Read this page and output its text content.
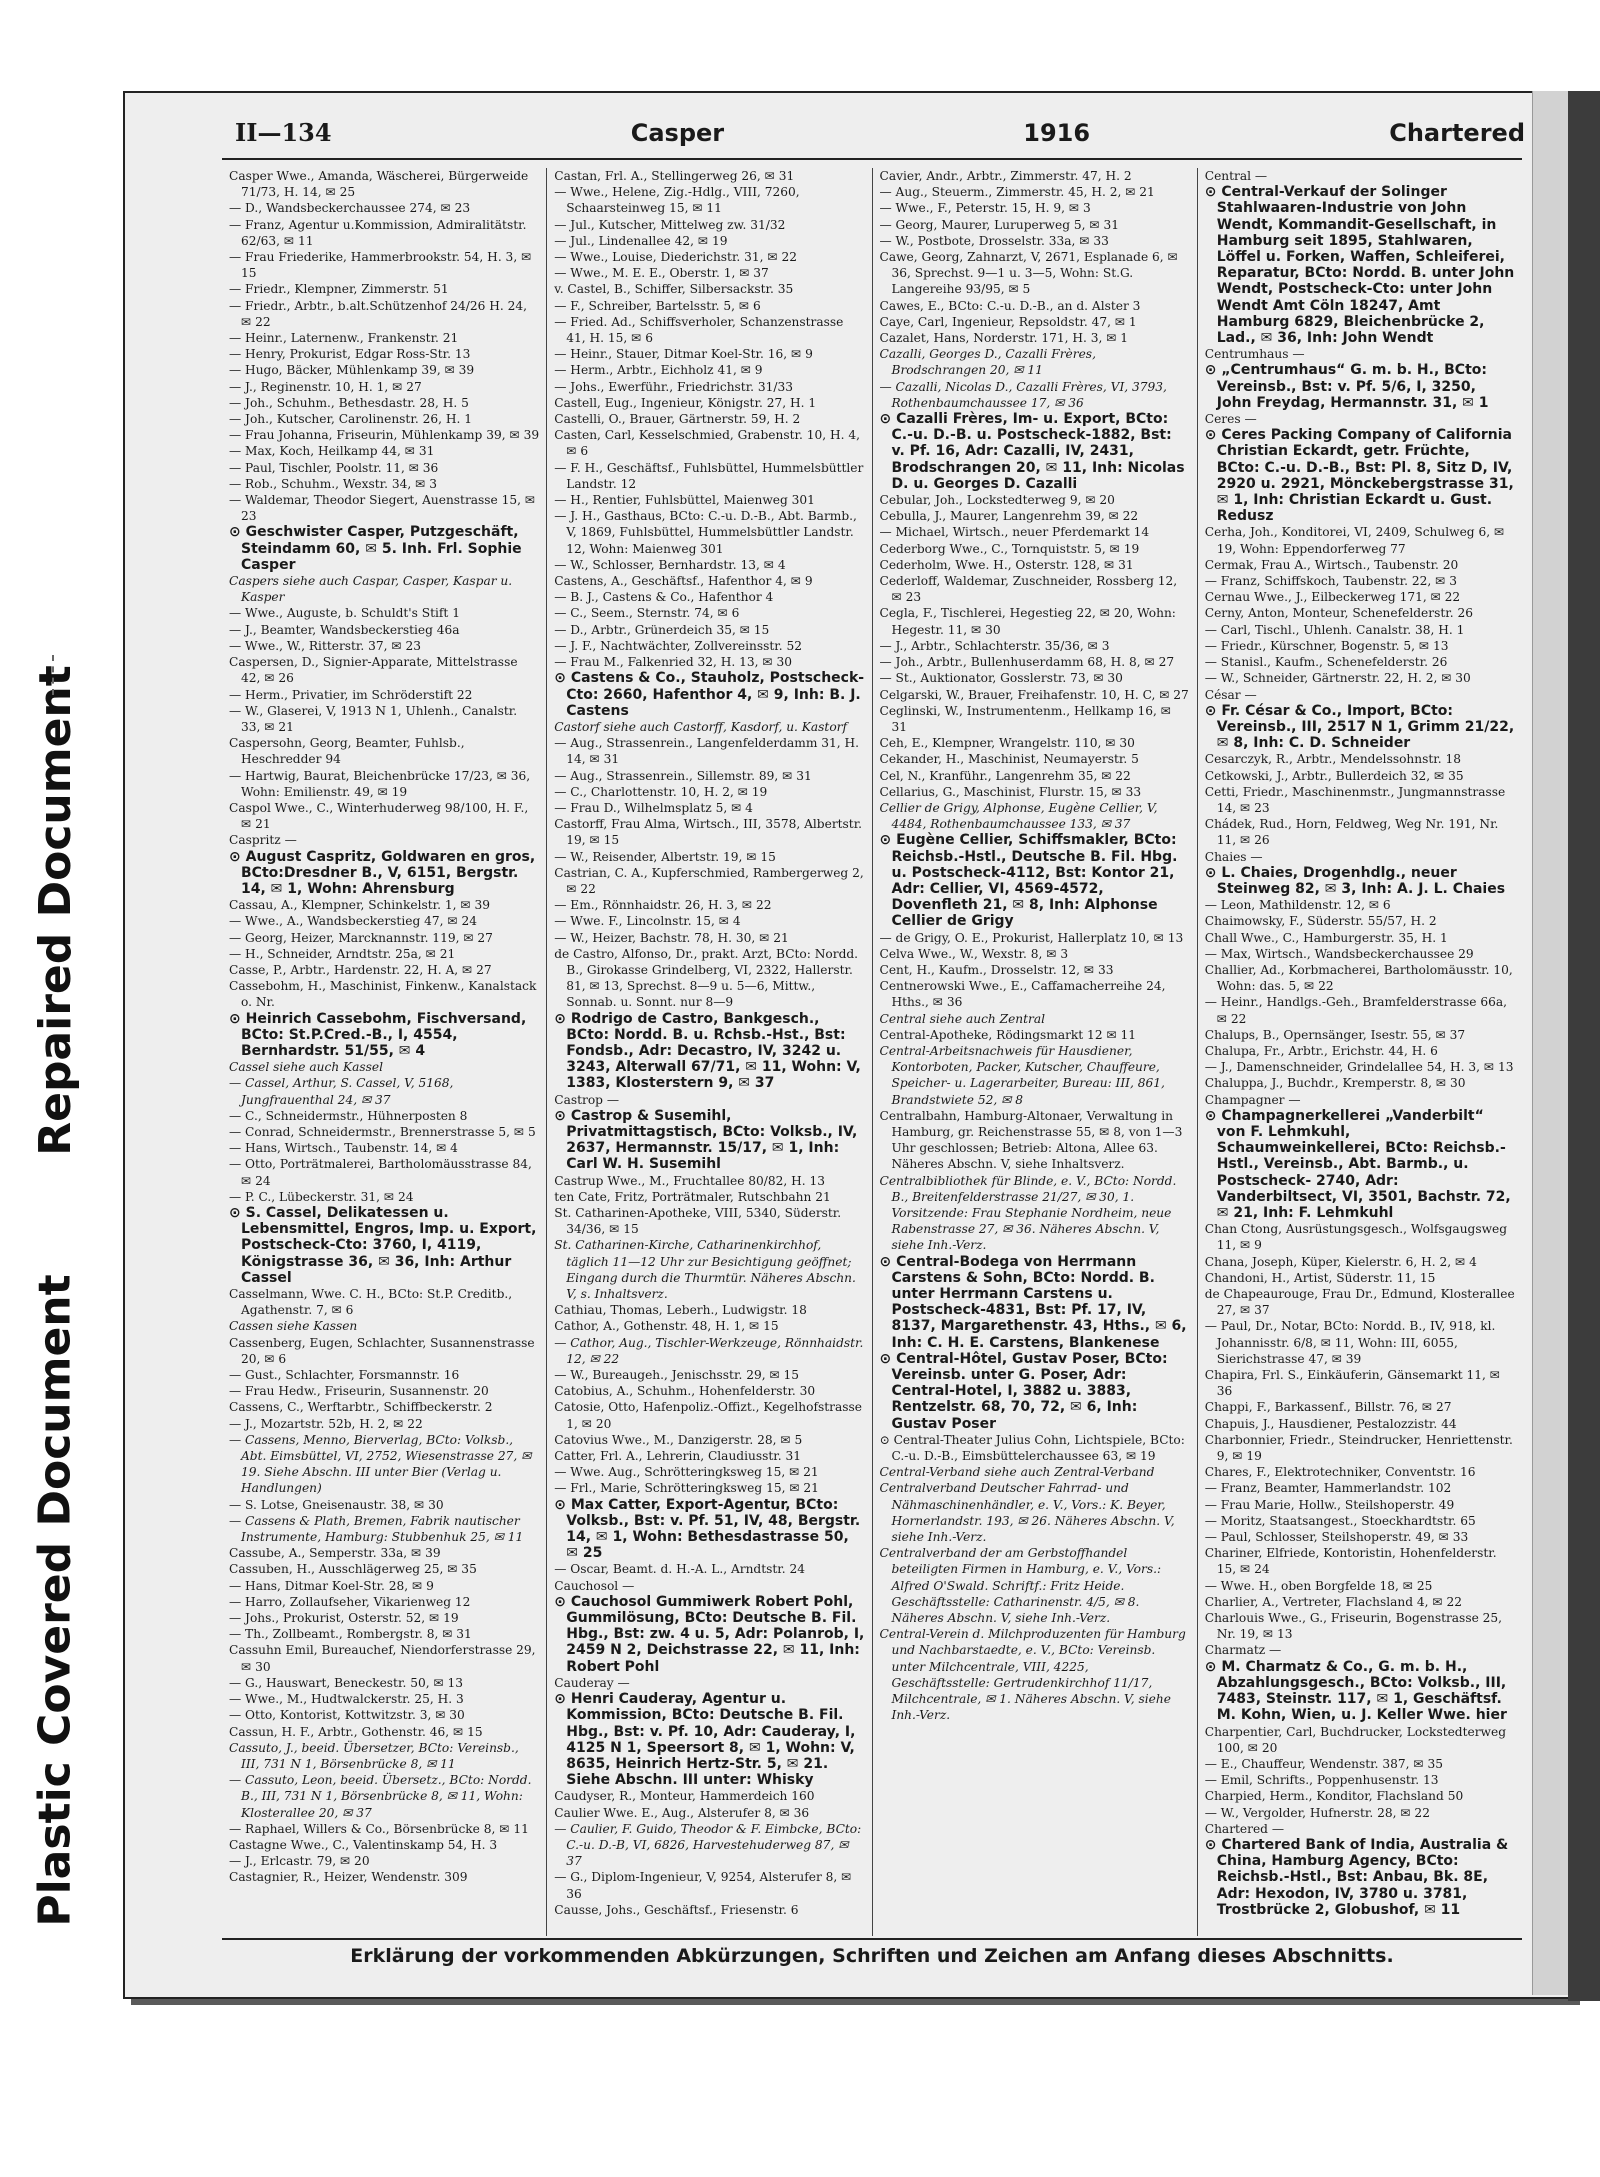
Repaired Document
Plastic Covered Document
II—134	Casper	1916	Chartered

Casper Wwe., Amanda, Wäscherei, Bürgerweide 71/73, H. 14, ✉ 25

— D., Wandsbeckerchaussee 274, ✉ 23

— Franz, Agentur u.Kommission, Admiralitätstr. 62/63, ✉ 11

— Frau Friederike, Hammerbrookstr. 54, H. 3, ✉ 15

— Friedr., Klempner, Zimmerstr. 51

— Friedr., Arbtr., b.alt.Schützenhof 24/26 H. 24, ✉ 22

— Heinr., Laternenw., Frankenstr. 21

— Henry, Prokurist, Edgar Ross-Str. 13

— Hugo, Bäcker, Mühlenkamp 39, ✉ 39

— J., Reginenstr. 10, H. 1, ✉ 27

— Joh., Schuhm., Bethesdastr. 28, H. 5

— Joh., Kutscher, Carolinenstr. 26, H. 1

— Frau Johanna, Friseurin, Mühlenkamp 39, ✉ 39

— Max, Koch, Heilkamp 44, ✉ 31

— Paul, Tischler, Poolstr. 11, ✉ 36

— Rob., Schuhm., Wexstr. 34, ✉ 3

— Waldemar, Theodor Siegert, Auenstrasse 15, ✉ 23

⊙ Geschwister Casper, Putzgeschäft, Steindamm 60, ✉ 5. Inh. Frl. Sophie Casper

Caspers siehe auch Caspar, Casper, Kaspar u. Kasper

— Wwe., Auguste, b. Schuldt's Stift 1

— J., Beamter, Wandsbeckerstieg 46a

— Wwe., W., Ritterstr. 37, ✉ 23

Caspersen, D., Signier-Apparate, Mittelstrasse 42, ✉ 26

— Herm., Privatier, im Schröderstift 22

— W., Glaserei, V, 1913 N 1, Uhlenh., Canalstr. 33, ✉ 21

Caspersohn, Georg, Beamter, Fuhlsb., Heschredder 94

— Hartwig, Baurat, Bleichenbrücke 17/23, ✉ 36, Wohn: Emilienstr. 49, ✉ 19

Caspol Wwe., C., Winterhuderweg 98/100, H. F., ✉ 21

Caspritz —

⊙ August Caspritz, Goldwaren en gros, BCto:Dresdner B., V, 6151, Bergstr. 14, ✉ 1, Wohn: Ahrensburg

Cassau, A., Klempner, Schinkelstr. 1, ✉ 39

— Wwe., A., Wandsbeckerstieg 47, ✉ 24

— Georg, Heizer, Marcknannstr. 119, ✉ 27

— H., Schneider, Arndtstr. 25a, ✉ 21

Casse, P., Arbtr., Hardenstr. 22, H. A, ✉ 27

Cassebohm, H., Maschinist, Finkenw., Kanalstack o. Nr.

⊙ Heinrich Cassebohm, Fischversand, BCto: St.P.Cred.-B., I, 4554, Bernhardstr. 51/55, ✉ 4

Cassel siehe auch Kassel

— Cassel, Arthur, S. Cassel, V, 5168, Jungfrauenthal 24, ✉ 37

— C., Schneidermstr., Hühnerposten 8

— Conrad, Schneidermstr., Brennerstrasse 5, ✉ 5

— Hans, Wirtsch., Taubenstr. 14, ✉ 4

— Otto, Porträtmalerei, Bartholomäusstrasse 84, ✉ 24

— P. C., Lübeckerstr. 31, ✉ 24

⊙ S. Cassel, Delikatessen u. Lebensmittel, Engros, Imp. u. Export, Postscheck-Cto: 3760, I, 4119, Königstrasse 36, ✉ 36, Inh: Arthur Cassel

Casselmann, Wwe. C. H., BCto: St.P. Creditb., Agathenstr. 7, ✉ 6

Cassen siehe Kassen

Cassenberg, Eugen, Schlachter, Susannenstrasse 20, ✉ 6

— Gust., Schlachter, Forsmannstr. 16

— Frau Hedw., Friseurin, Susannenstr. 20

Cassens, C., Werftarbtr., Schiffbeckerstr. 2

— J., Mozartstr. 52b, H. 2, ✉ 22

— Cassens, Menno, Bierverlag, BCto: Volksb., Abt. Eimsbüttel, VI, 2752, Wiesenstrasse 27, ✉ 19. Siehe Abschn. III unter Bier (Verlag u. Handlungen)

— S. Lotse, Gneisenaustr. 38, ✉ 30

— Cassens & Plath, Bremen, Fabrik nautischer Instrumente, Hamburg: Stubbenhuk 25, ✉ 11

Cassube, A., Semperstr. 33a, ✉ 39

Cassuben, H., Ausschlägerweg 25, ✉ 35

— Hans, Ditmar Koel-Str. 28, ✉ 9

— Harro, Zollaufseher, Vikarienweg 12

— Johs., Prokurist, Osterstr. 52, ✉ 19

— Th., Zollbeamt., Rombergstr. 8, ✉ 31

Cassuhn Emil, Bureauchef, Niendorferstrasse 29, ✉ 30

— G., Hauswart, Beneckestr. 50, ✉ 13

— Wwe., M., Hudtwalckerstr. 25, H. 3

— Otto, Kontorist, Kottwitzstr. 3, ✉ 30

Cassun, H. F., Arbtr., Gothenstr. 46, ✉ 15

Cassuto, J., beeid. Übersetzer, BCto: Vereinsb., III, 731 N 1, Börsenbrücke 8, ✉ 11

— Cassuto, Leon, beeid. Übersetz., BCto: Nordd. B., III, 731 N 1, Börsenbrücke 8, ✉ 11, Wohn: Klosterallee 20, ✉ 37

— Raphael, Willers & Co., Börsenbrücke 8, ✉ 11

Castagne Wwe., C., Valentinskamp 54, H. 3

— J., Erlcastr. 79, ✉ 20

Castagnier, R., Heizer, Wendenstr. 309

Castan, Frl. A., Stellingerweg 26, ✉ 31

— Wwe., Helene, Zig.-Hdlg., VIII, 7260, Schaarsteinweg 15, ✉ 11

— Jul., Kutscher, Mittelweg zw. 31/32

— Jul., Lindenallee 42, ✉ 19

— Wwe., Louise, Diederichstr. 31, ✉ 22

— Wwe., M. E. E., Oberstr. 1, ✉ 37

v. Castel, B., Schiffer, Silbersackstr. 35

— F., Schreiber, Bartelsstr. 5, ✉ 6

— Fried. Ad., Schiffsverholer, Schanzenstrasse 41, H. 15, ✉ 6

— Heinr., Stauer, Ditmar Koel-Str. 16, ✉ 9

— Herm., Arbtr., Eichholz 41, ✉ 9

— Johs., Ewerführ., Friedrichstr. 31/33

Castell, Eug., Ingenieur, Königstr. 27, H. 1

Castelli, O., Brauer, Gärtnerstr. 59, H. 2

Casten, Carl, Kesselschmied, Grabenstr. 10, H. 4, ✉ 6

— F. H., Geschäftsf., Fuhlsbüttel, Hummelsbüttler Landstr. 12

— H., Rentier, Fuhlsbüttel, Maienweg 301

— J. H., Gasthaus, BCto: C.-u. D.-B., Abt. Barmb., V, 1869, Fuhlsbüttel, Hummelsbüttler Landstr. 12, Wohn: Maienweg 301

— W., Schlosser, Bernhardstr. 13, ✉ 4

Castens, A., Geschäftsf., Hafenthor 4, ✉ 9

— B. J., Castens & Co., Hafenthor 4

— C., Seem., Sternstr. 74, ✉ 6

— D., Arbtr., Grünerdeich 35, ✉ 15

— J. F., Nachtwächter, Zollvereinsstr. 52

— Frau M., Falkenried 32, H. 13, ✉ 30

⊙ Castens & Co., Stauholz, Postscheck-Cto: 2660, Hafenthor 4, ✉ 9, Inh: B. J. Castens

Castorf siehe auch Castorff, Kasdorf, u. Kastorf

— Aug., Strassenrein., Langenfelderdamm 31, H. 14, ✉ 31

— Aug., Strassenrein., Sillemstr. 89, ✉ 31

— C., Charlottenstr. 10, H. 2, ✉ 19

— Frau D., Wilhelmsplatz 5, ✉ 4

Castorff, Frau Alma, Wirtsch., III, 3578, Albertstr. 19, ✉ 15

— W., Reisender, Albertstr. 19, ✉ 15

Castrian, C. A., Kupferschmied, Rambergerweg 2, ✉ 22

— Em., Rönnhaidstr. 26, H. 3, ✉ 22

— Wwe. F., Lincolnstr. 15, ✉ 4

— W., Heizer, Bachstr. 78, H. 30, ✉ 21

de Castro, Alfonso, Dr., prakt. Arzt, BCto: Nordd. B., Girokasse Grindelberg, VI, 2322, Hallerstr. 81, ✉ 13, Sprechst. 8—9 u. 5—6, Mittw., Sonnab. u. Sonnt. nur 8—9

⊙ Rodrigo de Castro, Bankgesch., BCto: Nordd. B. u. Rchsb.-Hst., Bst: Fondsb., Adr: Decastro, IV, 3242 u. 3243, Alterwall 67/71, ✉ 11, Wohn: V, 1383, Klosterstern 9, ✉ 37

Castrop —

⊙ Castrop & Susemihl, Privatmittagstisch, BCto: Volksb., IV, 2637, Hermannstr. 15/17, ✉ 1, Inh: Carl W. H. Susemihl

Castrup Wwe., M., Fruchtallee 80/82, H. 13

ten Cate, Fritz, Porträtmaler, Rutschbahn 21

St. Catharinen-Apotheke, VIII, 5340, Süderstr. 34/36, ✉ 15

St. Catharinen-Kirche, Catharinenkirchhof, täglich 11—12 Uhr zur Besichtigung geöffnet; Eingang durch die Thurmtür. Näheres Abschn. V, s. Inhaltsverz.

Cathiau, Thomas, Leberh., Ludwigstr. 18

Cathor, A., Gothenstr. 48, H. 1, ✉ 15

— Cathor, Aug., Tischler-Werkzeuge, Rönnhaidstr. 12, ✉ 22

— W., Bureaugeh., Jenischsstr. 29, ✉ 15

Catobius, A., Schuhm., Hohenfelderstr. 30

Catosie, Otto, Hafenpoliz.-Offizt., Kegelhofstrasse 1, ✉ 20

Catovius Wwe., M., Danzigerstr. 28, ✉ 5

Catter, Frl. A., Lehrerin, Claudiusstr. 31

— Wwe. Aug., Schrötteringksweg 15, ✉ 21

— Frl., Marie, Schrötteringksweg 15, ✉ 21

⊙ Max Catter, Export-Agentur, BCto: Volksb., Bst: v. Pf. 51, IV, 48, Bergstr. 14, ✉ 1, Wohn: Bethesdastrasse 50, ✉ 25

— Oscar, Beamt. d. H.-A. L., Arndtstr. 24

Cauchosol —

⊙ Cauchosol Gummiwerk Robert Pohl, Gummilösung, BCto: Deutsche B. Fil. Hbg., Bst: zw. 4 u. 5, Adr: Polanrob, I, 2459 N 2, Deichstrasse 22, ✉ 11, Inh: Robert Pohl

Cauderay —

⊙ Henri Cauderay, Agentur u. Kommission, BCto: Deutsche B. Fil. Hbg., Bst: v. Pf. 10, Adr: Cauderay, I, 4125 N 1, Speersort 8, ✉ 1, Wohn: V, 8635, Heinrich Hertz-Str. 5, ✉ 21. Siehe Abschn. III unter: Whisky

Caudyser, R., Monteur, Hammerdeich 160

Caulier Wwe. E., Aug., Alsterufer 8, ✉ 36

— Caulier, F. Guido, Theodor & F. Eimbcke, BCto: C.-u. D.-B, VI, 6826, Harvestehuderweg 87, ✉ 37

— G., Diplom-Ingenieur, V, 9254, Alsterufer 8, ✉ 36

Causse, Johs., Geschäftsf., Friesenstr. 6

Cavier, Andr., Arbtr., Zimmerstr. 47, H. 2

— Aug., Steuerm., Zimmerstr. 45, H. 2, ✉ 21

— Wwe., F., Peterstr. 15, H. 9, ✉ 3

— Georg, Maurer, Luruperweg 5, ✉ 31

— W., Postbote, Drosselstr. 33a, ✉ 33

Cawe, Georg, Zahnarzt, V, 2671, Esplanade 6, ✉ 36, Sprechst. 9—1 u. 3—5, Wohn: St.G. Langereihe 93/95, ✉ 5

Cawes, E., BCto: C.-u. D.-B., an d. Alster 3

Caye, Carl, Ingenieur, Repsoldstr. 47, ✉ 1

Cazalet, Hans, Norderstr. 171, H. 3, ✉ 1

Cazalli, Georges D., Cazalli Frères, Brodschrangen 20, ✉ 11

— Cazalli, Nicolas D., Cazalli Frères, VI, 3793, Rothenbaumchaussee 17, ✉ 36

⊙ Cazalli Frères, Im- u. Export, BCto: C.-u. D.-B. u. Postscheck-1882, Bst: v. Pf. 16, Adr: Cazalli, IV, 2431, Brodschrangen 20, ✉ 11, Inh: Nicolas D. u. Georges D. Cazalli

Cebular, Joh., Lockstedterweg 9, ✉ 20

Cebulla, J., Maurer, Langenrehm 39, ✉ 22

— Michael, Wirtsch., neuer Pferdemarkt 14

Cederborg Wwe., C., Tornquiststr. 5, ✉ 19

Cederholm, Wwe. H., Osterstr. 128, ✉ 31

Cederloff, Waldemar, Zuschneider, Rossberg 12, ✉ 23

Cegla, F., Tischlerei, Hegestieg 22, ✉ 20, Wohn: Hegestr. 11, ✉ 30

— J., Arbtr., Schlachterstr. 35/36, ✉ 3

— Joh., Arbtr., Bullenhuserdamm 68, H. 8, ✉ 27

— St., Auktionator, Gosslerstr. 73, ✉ 30

Celgarski, W., Brauer, Freihafenstr. 10, H. C, ✉ 27

Ceglinski, W., Instrumentenm., Hellkamp 16, ✉ 31

Ceh, E., Klempner, Wrangelstr. 110, ✉ 30

Cekander, H., Maschinist, Neumayerstr. 5

Cel, N., Kranführ., Langenrehm 35, ✉ 22

Cellarius, G., Maschinist, Flurstr. 15, ✉ 33

Cellier de Grigy, Alphonse, Eugène Cellier, V, 4484, Rothenbaumchaussee 133, ✉ 37

⊙ Eugène Cellier, Schiffsmakler, BCto: Reichsb.-Hstl., Deutsche B. Fil. Hbg. u. Postscheck-4112, Bst: Kontor 21, Adr: Cellier, VI, 4569-4572, Dovenfleth 21, ✉ 8, Inh: Alphonse Cellier de Grigy

— de Grigy, O. E., Prokurist, Hallerplatz 10, ✉ 13

Celva Wwe., W., Wexstr. 8, ✉ 3

Cent, H., Kaufm., Drosselstr. 12, ✉ 33

Centnerowski Wwe., E., Caffamacherreihe 24, Hths., ✉ 36

Central siehe auch Zentral

Central-Apotheke, Rödingsmarkt 12 ✉ 11

Central-Arbeitsnachweis für Hausdiener, Kontorboten, Packer, Kutscher, Chauffeure, Speicher- u. Lagerarbeiter, Bureau: III, 861, Brandstwiete 52, ✉ 8

Centralbahn, Hamburg-Altonaer, Verwaltung in Hamburg, gr. Reichenstrasse 55, ✉ 8, von 1—3 Uhr geschlossen; Betrieb: Altona, Allee 63. Näheres Abschn. V, siehe Inhaltsverz.

Centralbibliothek für Blinde, e. V., BCto: Nordd. B., Breitenfelderstrasse 21/27, ✉ 30, 1. Vorsitzende: Frau Stephanie Nordheim, neue Rabenstrasse 27, ✉ 36. Näheres Abschn. V, siehe Inh.-Verz.

⊙ Central-Bodega von Herrmann Carstens & Sohn, BCto: Nordd. B. unter Herrmann Carstens u. Postscheck-4831, Bst: Pf. 17, IV, 8137, Margarethenstr. 43, Hths., ✉ 6, Inh: C. H. E. Carstens, Blankenese

⊙ Central-Hôtel, Gustav Poser, BCto: Vereinsb. unter G. Poser, Adr: Central-Hotel, I, 3882 u. 3883, Rentzelstr. 68, 70, 72, ✉ 6, Inh: Gustav Poser

⊙ Central-Theater Julius Cohn, Lichtspiele, BCto: C.-u. D.-B., Eimsbüttelerchaussee 63, ✉ 19

Central-Verband siehe auch Zentral-Verband

Centralverband Deutscher Fahrrad- und Nähmaschinenhändler, e. V., Vors.: K. Beyer, Hornerlandstr. 193, ✉ 26. Näheres Abschn. V, siehe Inh.-Verz.

Centralverband der am Gerbstoffhandel beteiligten Firmen in Hamburg, e. V., Vors.: Alfred O'Swald. Schriftf.: Fritz Heide. Geschäftsstelle: Catharinenstr. 4/5, ✉ 8. Näheres Abschn. V, siehe Inh.-Verz.

Central-Verein d. Milchproduzenten für Hamburg und Nachbarstaedte, e. V., BCto: Vereinsb. unter Milchcentrale, VIII, 4225, Geschäftsstelle: Gertrudenkirchhof 11/17, Milchcentrale, ✉ 1. Näheres Abschn. V, siehe Inh.-Verz.

Central —

⊙ Central-Verkauf der Solinger Stahlwaaren-Industrie von John Wendt, Kommandit-Gesellschaft, in Hamburg seit 1895, Stahlwaren, Löffel u. Forken, Waffen, Schleiferei, Reparatur, BCto: Nordd. B. unter John Wendt, Postscheck-Cto: unter John Wendt Amt Cöln 18247, Amt Hamburg 6829, Bleichenbrücke 2, Lad., ✉ 36, Inh: John Wendt

Centrumhaus —

⊙ „Centrumhaus“ G. m. b. H., BCto: Vereinsb., Bst: v. Pf. 5/6, I, 3250, John Freydag, Hermannstr. 31, ✉ 1

Ceres —

⊙ Ceres Packing Company of California Christian Eckardt, getr. Früchte, BCto: C.-u. D.-B., Bst: Pl. 8, Sitz D, IV, 2920 u. 2921, Mönckebergstrasse 31, ✉ 1, Inh: Christian Eckardt u. Gust. Redusz

Cerha, Joh., Konditorei, VI, 2409, Schulweg 6, ✉ 19, Wohn: Eppendorferweg 77

Cermak, Frau A., Wirtsch., Taubenstr. 20

— Franz, Schiffskoch, Taubenstr. 22, ✉ 3

Cernau Wwe., J., Eilbeckerweg 171, ✉ 22

Cerny, Anton, Monteur, Schenefelderstr. 26

— Carl, Tischl., Uhlenh. Canalstr. 38, H. 1

— Friedr., Kürschner, Bogenstr. 5, ✉ 13

— Stanisl., Kaufm., Schenefelderstr. 26

— W., Schneider, Gärtnerstr. 22, H. 2, ✉ 30

César —

⊙ Fr. César & Co., Import, BCto: Vereinsb., III, 2517 N 1, Grimm 21/22, ✉ 8, Inh: C. D. Schneider

Cesarczyk, R., Arbtr., Mendelssohnstr. 18

Cetkowski, J., Arbtr., Bullerdeich 32, ✉ 35

Cetti, Friedr., Maschinenmstr., Jungmannstrasse 14, ✉ 23

Chádek, Rud., Horn, Feldweg, Weg Nr. 191, Nr. 11, ✉ 26

Chaies —

⊙ L. Chaies, Drogenhdlg., neuer Steinweg 82, ✉ 3, Inh: A. J. L. Chaies

— Leon, Mathildenstr. 12, ✉ 6

Chaimowsky, F., Süderstr. 55/57, H. 2

Chall Wwe., C., Hamburgerstr. 35, H. 1

— Max, Wirtsch., Wandsbeckerchaussee 29

Challier, Ad., Korbmacherei, Bartholomäusstr. 10, Wohn: das. 5, ✉ 22

— Heinr., Handlgs.-Geh., Bramfelderstrasse 66a, ✉ 22

Chalups, B., Opernsänger, Isestr. 55, ✉ 37

Chalupa, Fr., Arbtr., Erichstr. 44, H. 6

— J., Damenschneider, Grindelallee 54, H. 3, ✉ 13

Chaluppa, J., Buchdr., Kremperstr. 8, ✉ 30

Champagner —

⊙ Champagnerkellerei „Vanderbilt“ von F. Lehmkuhl, Schaumweinkellerei, BCto: Reichsb.-Hstl., Vereinsb., Abt. Barmb., u. Postscheck- 2740, Adr: Vanderbiltsect, VI, 3501, Bachstr. 72, ✉ 21, Inh: F. Lehmkuhl

Chan Ctong, Ausrüstungsgesch., Wolfsgaugsweg 11, ✉ 9

Chana, Joseph, Küper, Kielerstr. 6, H. 2, ✉ 4

Chandoni, H., Artist, Süderstr. 11, 15

de Chapeaurouge, Frau Dr., Edmund, Klosterallee 27, ✉ 37

— Paul, Dr., Notar, BCto: Nordd. B., IV, 918, kl. Johannisstr. 6/8, ✉ 11, Wohn: III, 6055, Sierichstrasse 47, ✉ 39

Chapira, Frl. S., Einkäuferin, Gänsemarkt 11, ✉ 36

Chappi, F., Barkassenf., Billstr. 76, ✉ 27

Chapuis, J., Hausdiener, Pestalozzistr. 44

Charbonnier, Friedr., Steindrucker, Henriettenstr. 9, ✉ 19

Chares, F., Elektrotechniker, Conventstr. 16

— Franz, Beamter, Hammerlandstr. 102

— Frau Marie, Hollw., Steilshoperstr. 49

— Moritz, Staatsangest., Stoeckhardtstr. 65

— Paul, Schlosser, Steilshoperstr. 49, ✉ 33

Chariner, Elfriede, Kontoristin, Hohenfelderstr. 15, ✉ 24

— Wwe. H., oben Borgfelde 18, ✉ 25

Charlier, A., Vertreter, Flachsland 4, ✉ 22

Charlouis Wwe., G., Friseurin, Bogenstrasse 25, Nr. 19, ✉ 13

Charmatz —

⊙ M. Charmatz & Co., G. m. b. H., Abzahlungsgesch., BCto: Volksb., III, 7483, Steinstr. 117, ✉ 1, Geschäftsf. M. Kohn, Wien, u. J. Keller Wwe. hier

Charpentier, Carl, Buchdrucker, Lockstedterweg 100, ✉ 20

— E., Chauffeur, Wendenstr. 387, ✉ 35

— Emil, Schrifts., Poppenhusenstr. 13

Charpied, Herm., Konditor, Flachsland 50

— W., Vergolder, Hufnerstr. 28, ✉ 22

Chartered —

⊙ Chartered Bank of India, Australia & China, Hamburg Agency, BCto: Reichsb.-Hstl., Bst: Anbau, Bk. 8E, Adr: Hexodon, IV, 3780 u. 3781, Trostbrücke 2, Globushof, ✉ 11

Erklärung der vorkommenden Abkürzungen, Schriften und Zeichen am Anfang dieses Abschnitts.
